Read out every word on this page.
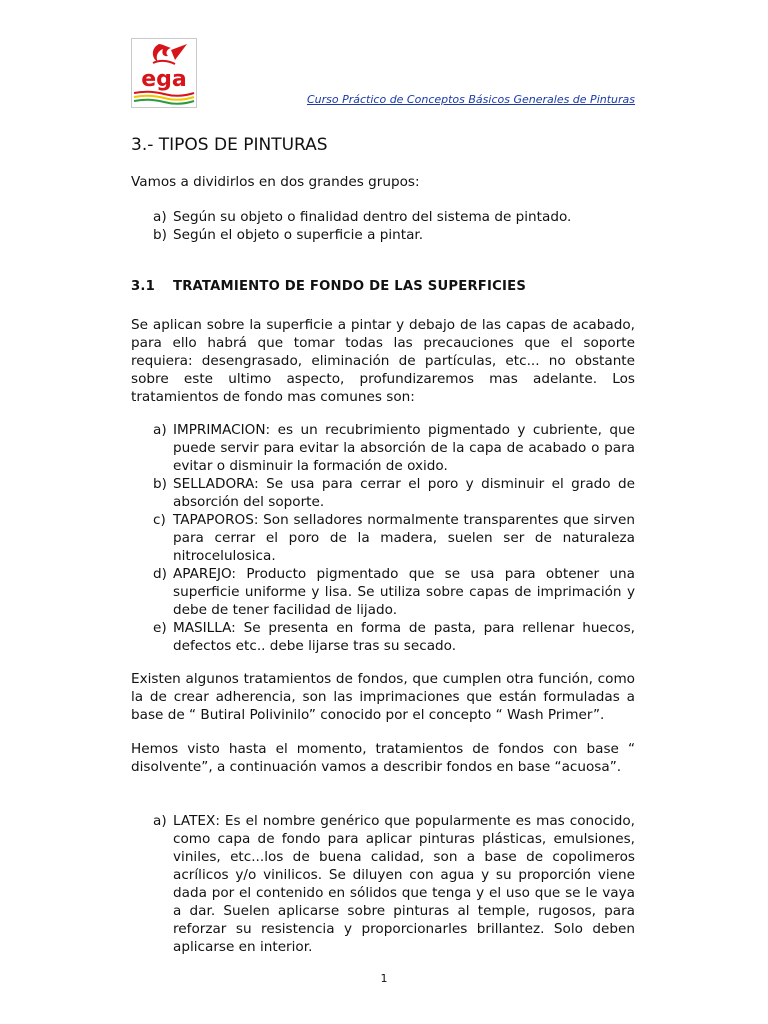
ega
Curso Práctico de Conceptos Básicos Generales de Pinturas
3.- TIPOS DE PINTURAS
Vamos a dividirlos en dos grandes grupos:
a) Según su objeto o finalidad dentro del sistema de pintado.
b) Según el objeto o superficie a pintar.
3.1 TRATAMIENTO DE FONDO DE LAS SUPERFICIES
Se aplican sobre la superficie a pintar y debajo de las capas de acabado, para ello habrá que tomar todas las precauciones que el soporte requiera: desengrasado, eliminación de partículas, etc... no obstante sobre este ultimo aspecto, profundizaremos mas adelante. Los tratamientos de fondo mas comunes son:
a) IMPRIMACION: es un recubrimiento pigmentado y cubriente, que puede servir para evitar la absorción de la capa de acabado o para evitar o disminuir la formación de oxido.
b) SELLADORA: Se usa para cerrar el poro y disminuir el grado de absorción del soporte.
c) TAPAPOROS: Son selladores normalmente transparentes que sirven para cerrar el poro de la madera, suelen ser de naturaleza nitrocelulosica.
d) APAREJO: Producto pigmentado que se usa para obtener una superficie uniforme y lisa. Se utiliza sobre capas de imprimación y debe de tener facilidad de lijado.
e) MASILLA: Se presenta en forma de pasta, para rellenar huecos, defectos etc.. debe lijarse tras su secado.
Existen algunos tratamientos de fondos, que cumplen otra función, como la de crear adherencia, son las imprimaciones que están formuladas a base de “ Butiral Polivinilo” conocido por el concepto “ Wash Primer”.
Hemos visto hasta el momento, tratamientos de fondos con base “ disolvente”, a continuación vamos a describir fondos en base “acuosa”.
a) LATEX: Es el nombre genérico que popularmente es mas conocido, como capa de fondo para aplicar pinturas plásticas, emulsiones, viniles, etc...los de buena calidad, son a base de copolimeros acrílicos y/o vinilicos. Se diluyen con agua y su proporción viene dada por el contenido en sólidos que tenga y el uso que se le vaya a dar. Suelen aplicarse sobre pinturas al temple, rugosos, para reforzar su resistencia y proporcionarles brillantez. Solo deben aplicarse en interior.
1
